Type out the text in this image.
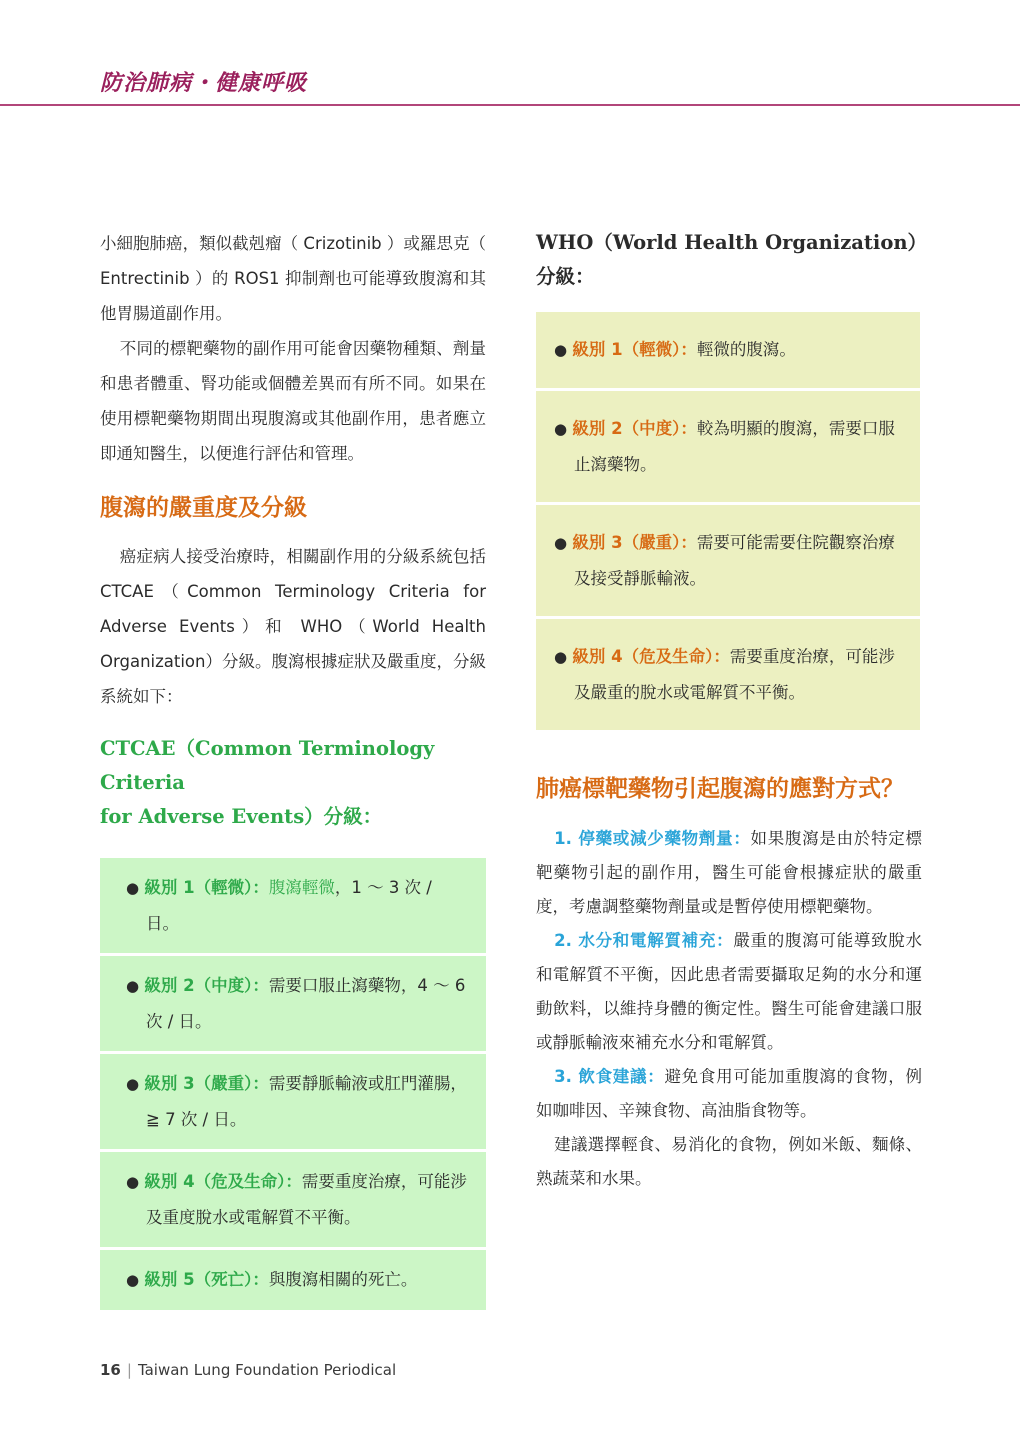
防治肺病・健康呼吸

小細胞肺癌，類似截剋瘤（ Crizotinib ）或羅思克（ Entrectinib ）的 ROS1 抑制劑也可能導致腹瀉和其他胃腸道副作用。

不同的標靶藥物的副作用可能會因藥物種類、劑量和患者體重、腎功能或個體差異而有所不同。如果在使用標靶藥物期間出現腹瀉或其他副作用，患者應立即通知醫生，以便進行評估和管理。

腹瀉的嚴重度及分級

癌症病人接受治療時，相關副作用的分級系統包括 CTCAE（Common Terminology Criteria for Adverse Events）和 WHO（World Health Organization）分級。腹瀉根據症狀及嚴重度，分級系統如下：

CTCAE（Common Terminology Criteria
for Adverse Events）分級：

● 級別 1（輕微）：腹瀉輕微，1 ～ 3 次 / 日。

● 級別 2（中度）：需要口服止瀉藥物，4 ～ 6 次 / 日。

● 級別 3（嚴重）：需要靜脈輸液或肛門灌腸，≧ 7 次 / 日。

● 級別 4（危及生命）：需要重度治療，可能涉及重度脫水或電解質不平衡。

● 級別 5（死亡）：與腹瀉相關的死亡。

WHO（World Health Organization）分級：

● 級別 1（輕微）：輕微的腹瀉。

● 級別 2（中度）：較為明顯的腹瀉，需要口服止瀉藥物。

● 級別 3（嚴重）：需要可能需要住院觀察治療及接受靜脈輸液。

● 級別 4（危及生命）：需要重度治療，可能涉及嚴重的脫水或電解質不平衡。

肺癌標靶藥物引起腹瀉的應對方式？

1. 停藥或減少藥物劑量：如果腹瀉是由於特定標靶藥物引起的副作用，醫生可能會根據症狀的嚴重度，考慮調整藥物劑量或是暫停使用標靶藥物。

2. 水分和電解質補充：嚴重的腹瀉可能導致脫水和電解質不平衡，因此患者需要攝取足夠的水分和運動飲料，以維持身體的衡定性。醫生可能會建議口服或靜脈輸液來補充水分和電解質。

3. 飲食建議：避免食用可能加重腹瀉的食物，例如咖啡因、辛辣食物、高油脂食物等。

建議選擇輕食、易消化的食物，例如米飯、麵條、熟蔬菜和水果。

16 | Taiwan Lung Foundation Periodical
